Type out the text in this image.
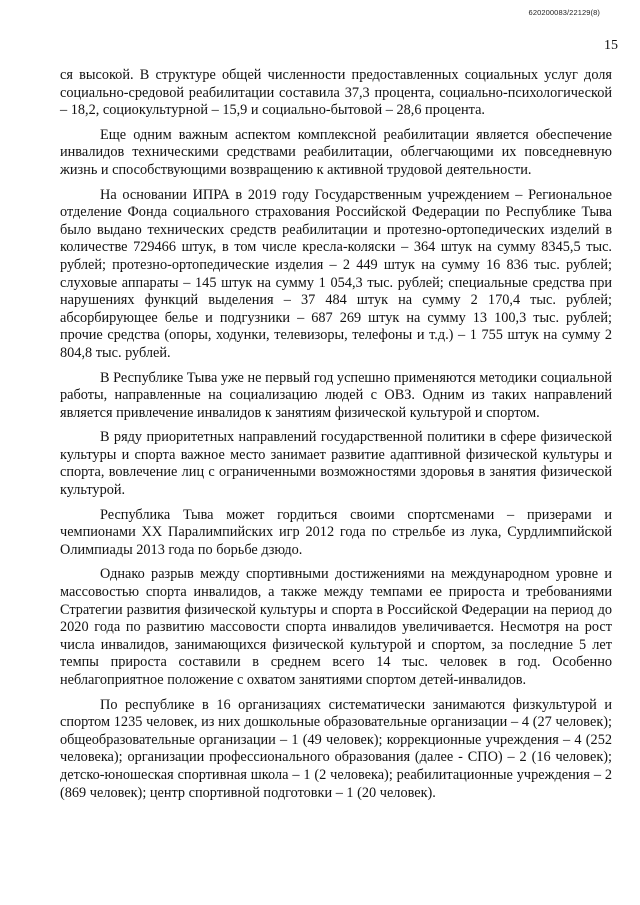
620200083/22129(8)
15

ся высокой. В структуре общей численности предоставленных социальных услуг доля социально-средовой реабилитации составила 37,3 процента, социально-психологической – 18,2, социокультурной – 15,9 и социально-бытовой – 28,6 процента.

Еще одним важным аспектом комплексной реабилитации является обеспечение инвалидов техническими средствами реабилитации, облегчающими их повседневную жизнь и способствующими возвращению к активной трудовой деятельности.

На основании ИПРА в 2019 году Государственным учреждением – Региональное отделение Фонда социального страхования Российской Федерации по Республике Тыва было выдано технических средств реабилитации и протезно-ортопедических изделий в количестве 729466 штук, в том числе кресла-коляски – 364 штук на сумму 8345,5 тыс. рублей; протезно-ортопедические изделия – 2 449 штук на сумму 16 836 тыс. рублей; слуховые аппараты – 145 штук на сумму 1 054,3 тыс. рублей; специальные средства при нарушениях функций выделения – 37 484 штук на сумму 2 170,4 тыс. рублей; абсорбирующее белье и подгузники – 687 269 штук на сумму 13 100,3 тыс. рублей; прочие средства (опоры, ходунки, телевизоры, телефоны и т.д.) – 1 755 штук на сумму 2 804,8 тыс. рублей.

В Республике Тыва уже не первый год успешно применяются методики социальной работы, направленные на социализацию людей с ОВЗ. Одним из таких направлений является привлечение инвалидов к занятиям физической культурой и спортом.

В ряду приоритетных направлений государственной политики в сфере физической культуры и спорта важное место занимает развитие адаптивной физической культуры и спорта, вовлечение лиц с ограниченными возможностями здоровья в занятия физической культурой.

Республика Тыва может гордиться своими спортсменами – призерами и чемпионами XX Паралимпийских игр 2012 года по стрельбе из лука, Сурдлимпийской Олимпиады 2013 года по борьбе дзюдо.

Однако разрыв между спортивными достижениями на международном уровне и массовостью спорта инвалидов, а также между темпами ее прироста и требованиями Стратегии развития физической культуры и спорта в Российской Федерации на период до 2020 года по развитию массовости спорта инвалидов увеличивается. Несмотря на рост числа инвалидов, занимающихся физической культурой и спортом, за последние 5 лет темпы прироста составили в среднем всего 14 тыс. человек в год. Особенно неблагоприятное положение с охватом занятиями спортом детей-инвалидов.

По республике в 16 организациях систематически занимаются физкультурой и спортом 1235 человек, из них дошкольные образовательные организации – 4 (27 человек); общеобразовательные организации – 1 (49 человек); коррекционные учреждения – 4 (252 человека); организации профессионального образования (далее - СПО) – 2 (16 человек); детско-юношеская спортивная школа – 1 (2 человека); реабилитационные учреждения – 2 (869 человек); центр спортивной подготовки – 1 (20 человек).
